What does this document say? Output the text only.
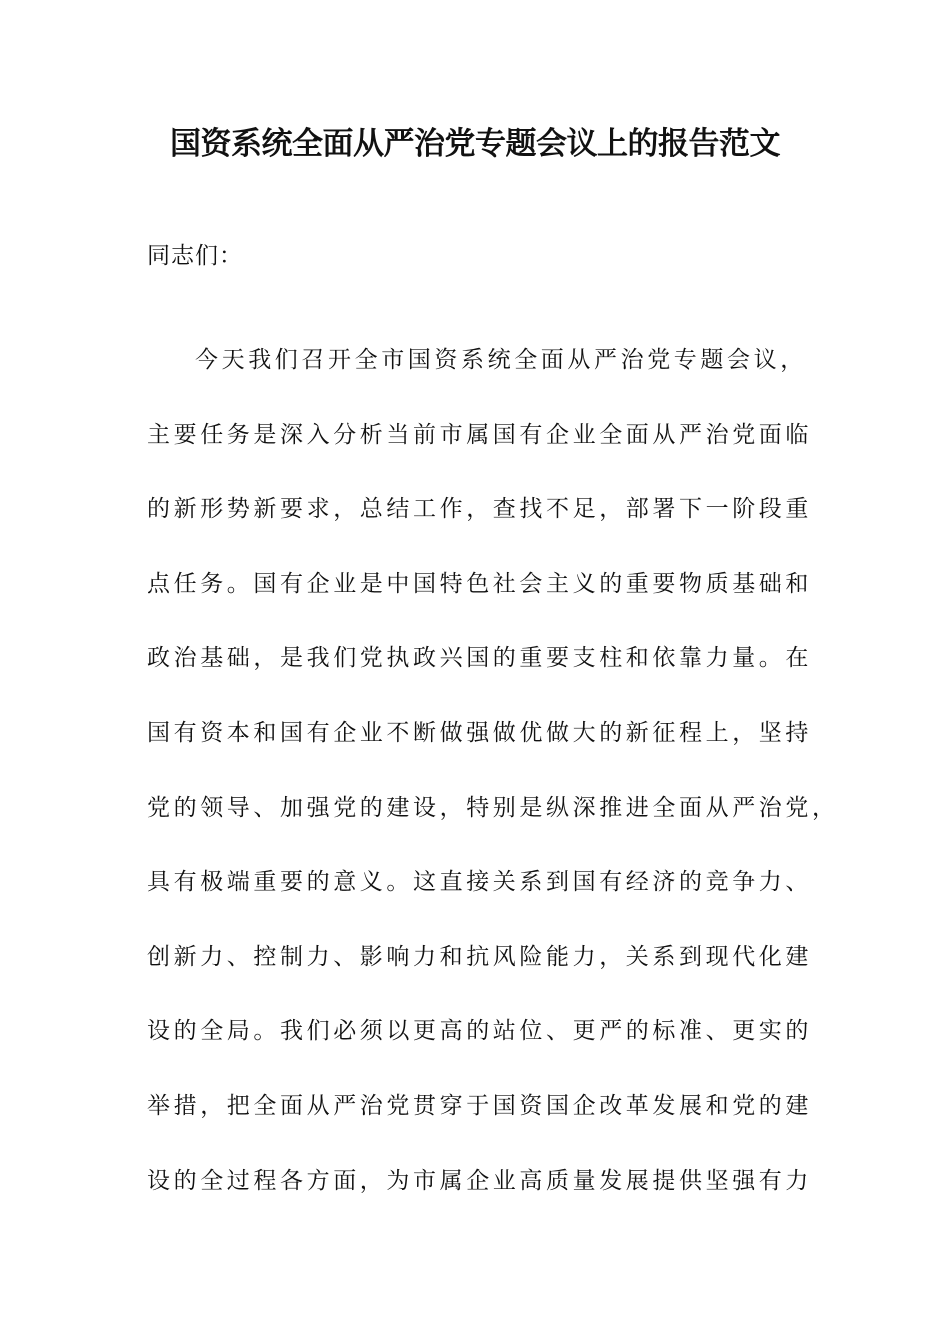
国资系统全面从严治党专题会议上的报告范文

同志们：

今天我们召开全市国资系统全面从严治党专题会议，
主要任务是深入分析当前市属国有企业全面从严治党面临
的新形势新要求，总结工作，查找不足，部署下一阶段重
点任务。国有企业是中国特色社会主义的重要物质基础和
政治基础，是我们党执政兴国的重要支柱和依靠力量。在
国有资本和国有企业不断做强做优做大的新征程上，坚持
党的领导、加强党的建设，特别是纵深推进全面从严治党，
具有极端重要的意义。这直接关系到国有经济的竞争力、
创新力、控制力、影响力和抗风险能力，关系到现代化建
设的全局。我们必须以更高的站位、更严的标准、更实的
举措，把全面从严治党贯穿于国资国企改革发展和党的建
设的全过程各方面，为市属企业高质量发展提供坚强有力
